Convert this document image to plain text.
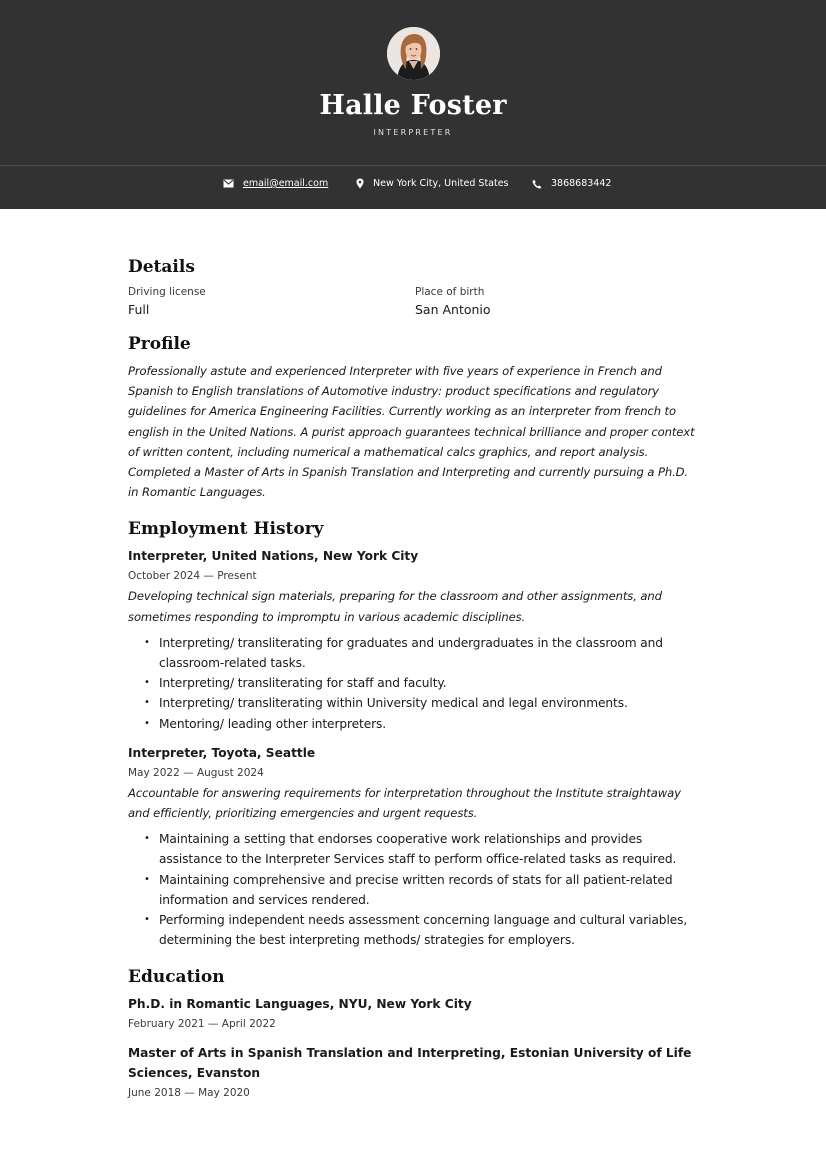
Halle Foster
INTERPRETER
email@email.com	New York City, United States	3868683442
Details
Driving license
Full
Place of birth
San Antonio
Profile

Professionally astute and experienced Interpreter with five years of experience in French and Spanish to English translations of Automotive industry: product specifications and regulatory guidelines for America Engineering Facilities. Currently working as an interpreter from french to english in the United Nations. A purist approach guarantees technical brilliance and proper context of written content, including numerical a mathematical calcs graphics, and report analysis. Completed a Master of Arts in Spanish Translation and Interpreting and currently pursuing a Ph.D. in Romantic Languages.

Employment History
Interpreter, United Nations, New York City
October 2024 — Present
Developing technical sign materials, preparing for the classroom and other assignments, and sometimes responding to impromptu in various academic disciplines.
• Interpreting/ transliterating for graduates and undergraduates in the classroom and classroom-related tasks.
• Interpreting/ transliterating for staff and faculty.
• Interpreting/ transliterating within University medical and legal environments.
• Mentoring/ leading other interpreters.
Interpreter, Toyota, Seattle
May 2022 — August 2024
Accountable for answering requirements for interpretation throughout the Institute straightaway and efficiently, prioritizing emergencies and urgent requests.
• Maintaining a setting that endorses cooperative work relationships and provides assistance to the Interpreter Services staff to perform office-related tasks as required.
• Maintaining comprehensive and precise written records of stats for all patient-related information and services rendered.
• Performing independent needs assessment concerning language and cultural variables, determining the best interpreting methods/ strategies for employers.
Education
Ph.D. in Romantic Languages, NYU, New York City
February 2021 — April 2022
Master of Arts in Spanish Translation and Interpreting, Estonian University of Life Sciences, Evanston
June 2018 — May 2020
